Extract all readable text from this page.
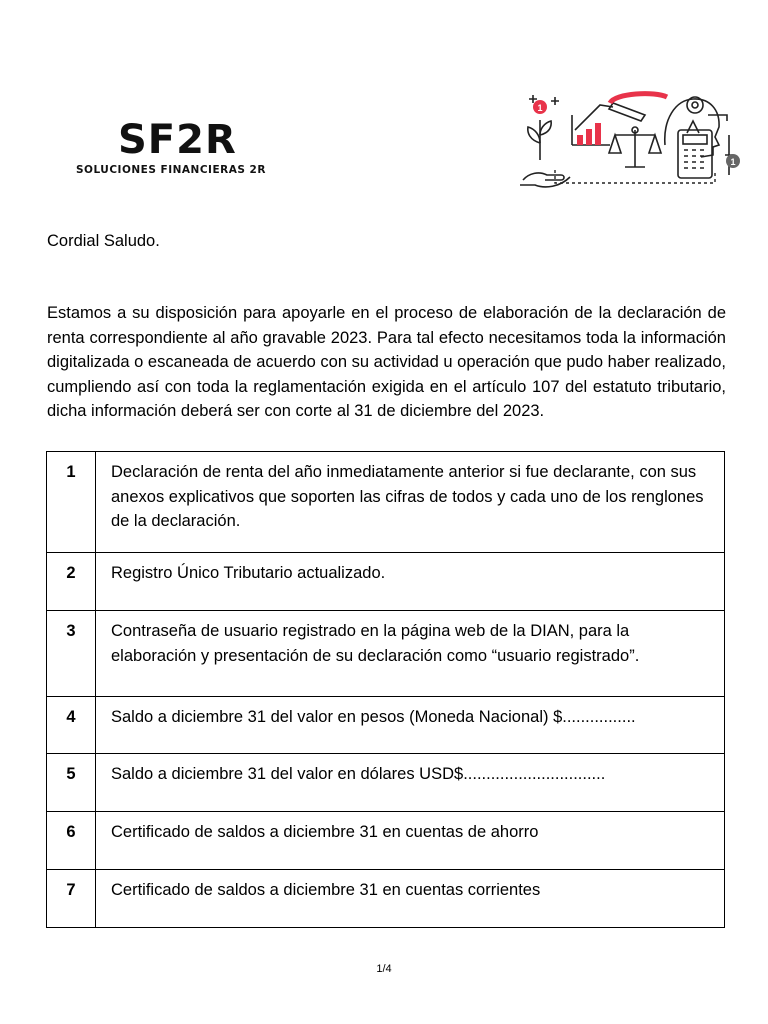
SF2R
SOLUCIONES FINANCIERAS 2R
1
1
Cordial Saludo.
Estamos a su disposición para apoyarle en el proceso de elaboración de la declaración de renta correspondiente al año gravable 2023. Para tal efecto necesitamos toda la información digitalizada o escaneada de acuerdo con su actividad u operación que pudo haber realizado, cumpliendo así con toda la reglamentación exigida en el artículo 107 del estatuto tributario, dicha información deberá ser con corte al 31 de diciembre del 2023.
1	Declaración de renta del año inmediatamente anterior si fue declarante, con sus anexos explicativos que soporten las cifras de todos y cada uno de los renglones de la declaración.
2	Registro Único Tributario actualizado.
3	Contraseña de usuario registrado en la página web de la DIAN, para la elaboración y presentación de su declaración como “usuario registrado”.
4	Saldo a diciembre 31 del valor en pesos (Moneda Nacional) $................
5	Saldo a diciembre 31 del valor en dólares USD$...............................
6	Certificado de saldos a diciembre 31 en cuentas de ahorro
7	Certificado de saldos a diciembre 31 en cuentas corrientes
1/4
